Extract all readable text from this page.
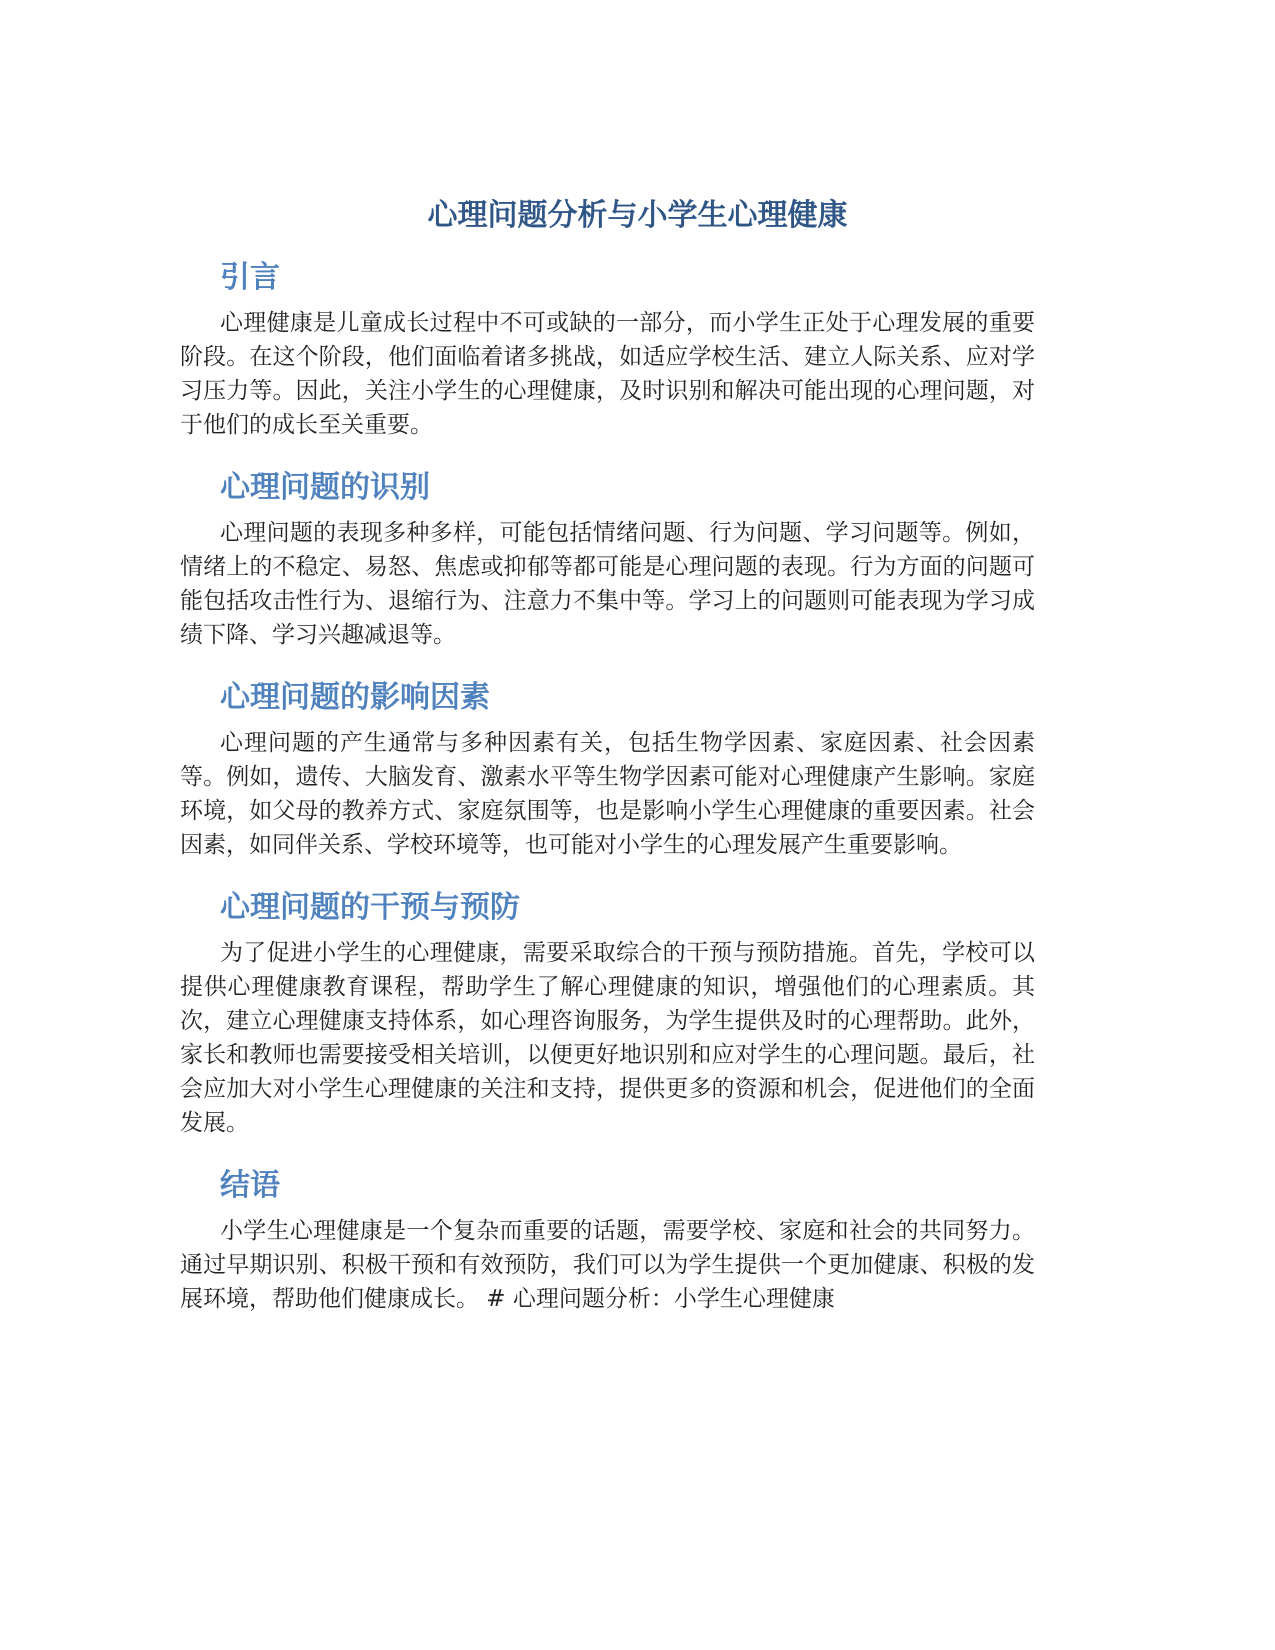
心理问题分析与小学生心理健康
引言

心理健康是儿童成长过程中不可或缺的一部分，而小学生正处于心理发展的重要阶段。在这个阶段，他们面临着诸多挑战，如适应学校生活、建立人际关系、应对学习压力等。因此，关注小学生的心理健康，及时识别和解决可能出现的心理问题，对于他们的成长至关重要。

心理问题的识别

心理问题的表现多种多样，可能包括情绪问题、行为问题、学习问题等。例如，情绪上的不稳定、易怒、焦虑或抑郁等都可能是心理问题的表现。行为方面的问题可能包括攻击性行为、退缩行为、注意力不集中等。学习上的问题则可能表现为学习成绩下降、学习兴趣减退等。

心理问题的影响因素

心理问题的产生通常与多种因素有关，包括生物学因素、家庭因素、社会因素等。例如，遗传、大脑发育、激素水平等生物学因素可能对心理健康产生影响。家庭环境，如父母的教养方式、家庭氛围等，也是影响小学生心理健康的重要因素。社会因素，如同伴关系、学校环境等，也可能对小学生的心理发展产生重要影响。

心理问题的干预与预防

为了促进小学生的心理健康，需要采取综合的干预与预防措施。首先，学校可以提供心理健康教育课程，帮助学生了解心理健康的知识，增强他们的心理素质。其次，建立心理健康支持体系，如心理咨询服务，为学生提供及时的心理帮助。此外，家长和教师也需要接受相关培训，以便更好地识别和应对学生的心理问题。最后，社会应加大对小学生心理健康的关注和支持，提供更多的资源和机会，促进他们的全面发展。

结语

小学生心理健康是一个复杂而重要的话题，需要学校、家庭和社会的共同努力。通过早期识别、积极干预和有效预防，我们可以为学生提供一个更加健康、积极的发展环境，帮助他们健康成长。 # 心理问题分析：小学生心理健康
